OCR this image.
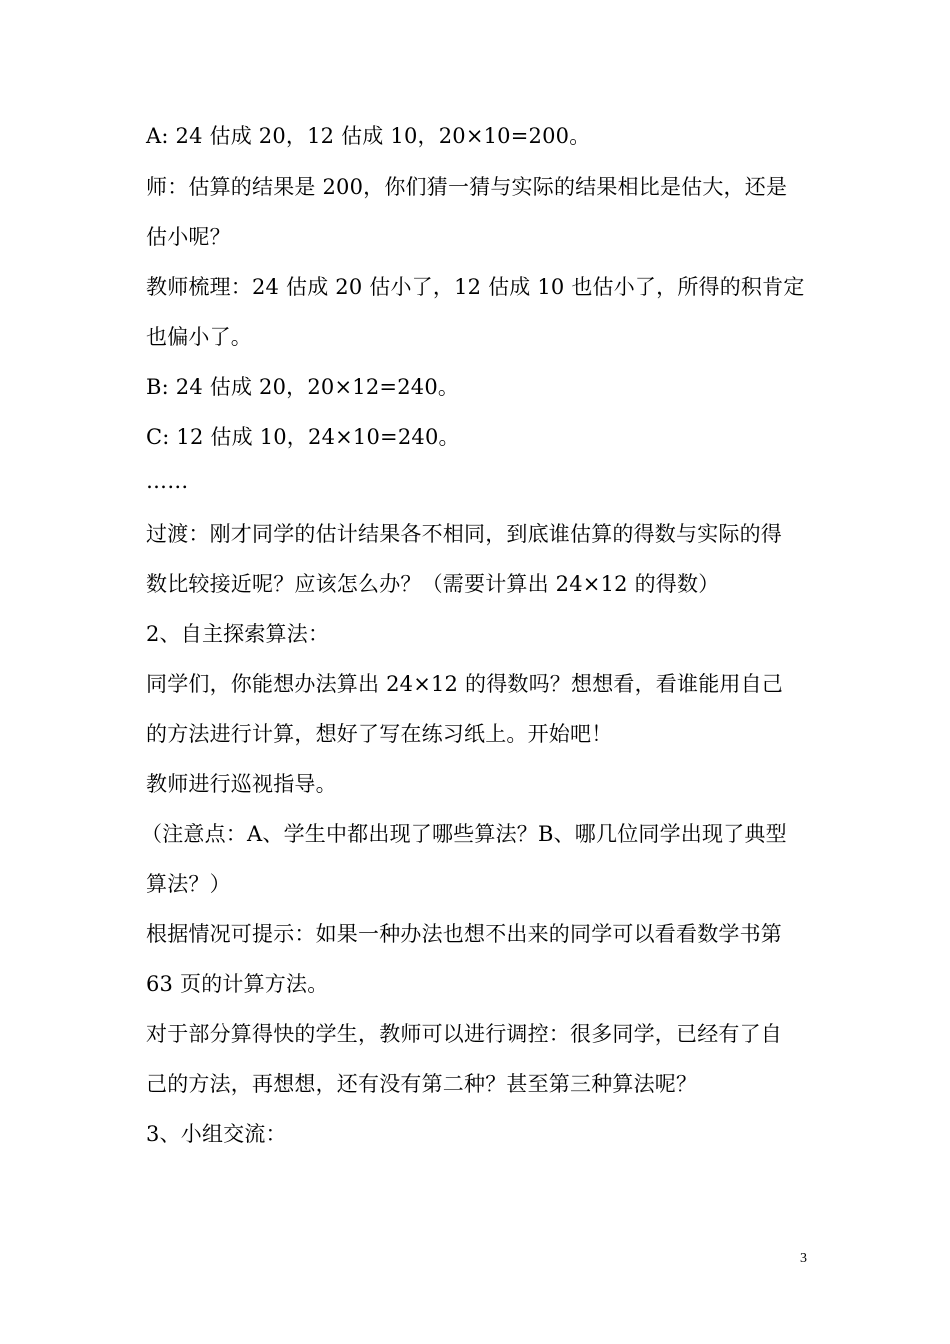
A: 24 估成 20，12 估成 10，20×10=200。
师：估算的结果是 200，你们猜一猜与实际的结果相比是估大，还是
估小呢？
教师梳理：24 估成 20 估小了，12 估成 10 也估小了，所得的积肯定
也偏小了。
B: 24 估成 20，20×12=240。
C: 12 估成 10，24×10=240。
……
过渡：刚才同学的估计结果各不相同，到底谁估算的得数与实际的得
数比较接近呢？应该怎么办？（需要计算出 24×12 的得数）
2、自主探索算法：
同学们，你能想办法算出 24×12 的得数吗？想想看，看谁能用自己
的方法进行计算，想好了写在练习纸上。开始吧！
教师进行巡视指导。
（注意点：A、学生中都出现了哪些算法？B、哪几位同学出现了典型
算法？）
根据情况可提示：如果一种办法也想不出来的同学可以看看数学书第
63 页的计算方法。
对于部分算得快的学生，教师可以进行调控：很多同学，已经有了自
己的方法，再想想，还有没有第二种？甚至第三种算法呢？
3、小组交流：
3
